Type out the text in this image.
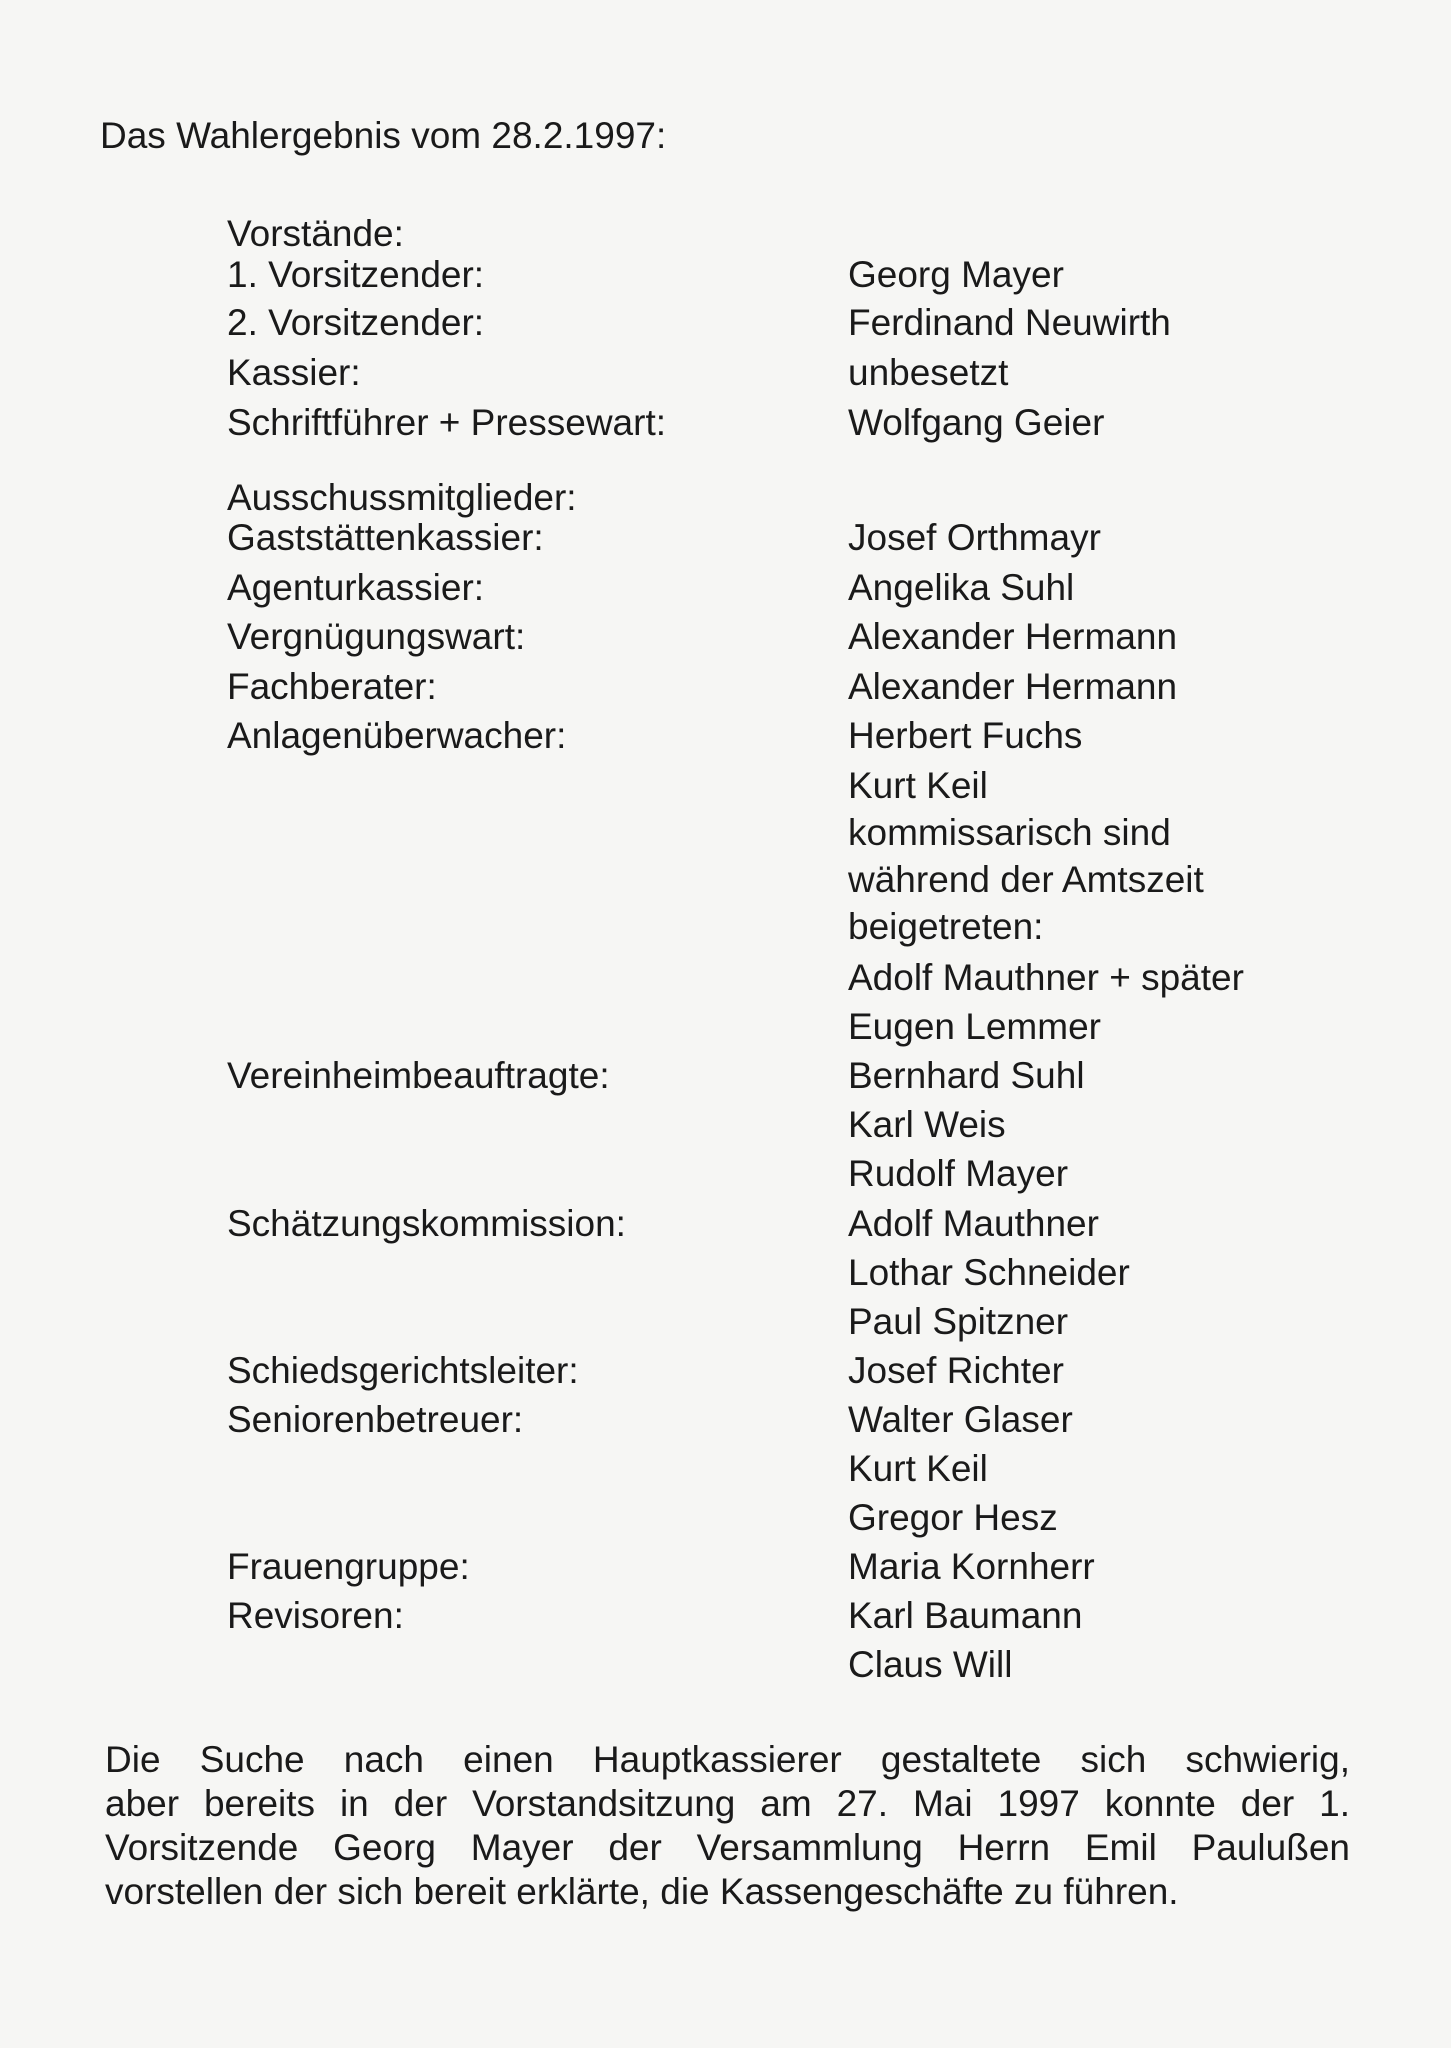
Das Wahlergebnis vom 28.2.1997:
Vorstände:
1. Vorsitzender:	Georg Mayer
2. Vorsitzender:	Ferdinand Neuwirth
Kassier:	unbesetzt
Schriftführer + Pressewart:	Wolfgang Geier
Ausschussmitglieder:
Gaststättenkassier:	Josef Orthmayr
Agenturkassier:	Angelika Suhl
Vergnügungswart:	Alexander Hermann
Fachberater:	Alexander Hermann
Anlagenüberwacher:	Herbert Fuchs
Kurt Keil
kommissarisch sind
während der Amtszeit
beigetreten:
Adolf Mauthner + später
Eugen Lemmer
Vereinheimbeauftragte:	Bernhard Suhl
Karl Weis
Rudolf Mayer
Schätzungskommission:	Adolf Mauthner
Lothar Schneider
Paul Spitzner
Schiedsgerichtsleiter:	Josef Richter
Seniorenbetreuer:	Walter Glaser
Kurt Keil
Gregor Hesz
Frauengruppe:	Maria Kornherr
Revisoren:	Karl Baumann
Claus Will

Die Suche nach einen Hauptkassierer gestaltete sich schwierig,

aber bereits in der Vorstandsitzung am 27. Mai 1997 konnte der 1.

Vorsitzende Georg Mayer der Versammlung Herrn Emil Paulußen

vorstellen der sich bereit erklärte, die Kassengeschäfte zu führen.
